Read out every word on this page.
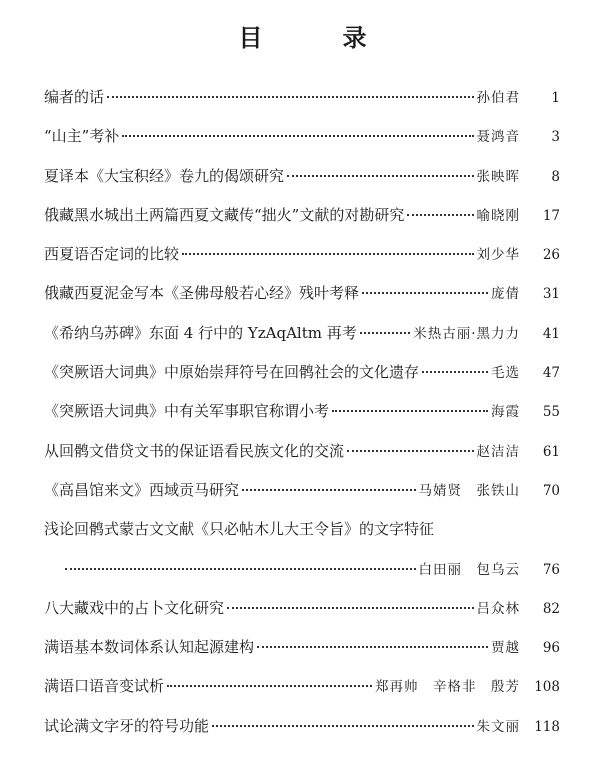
目　录
编者的话	孙伯君	1
“山主”考补	聂鸿音	3
夏译本《大宝积经》卷九的偈颂研究	张映晖	8
俄藏黑水城出土两篇西夏文藏传“拙火”文献的对勘研究	喻晓刚	17
西夏语否定词的比较	刘少华	26
俄藏西夏泥金写本《圣佛母般若心经》残叶考释	庞倩	31
《希纳乌苏碑》东面 4 行中的 YzAqAltm 再考	米热古丽·黑力力	41
《突厥语大词典》中原始崇拜符号在回鹘社会的文化遗存	毛选	47
《突厥语大词典》中有关军事职官称谓小考	海霞	55
从回鹘文借贷文书的保证语看民族文化的交流	赵洁洁	61
《高昌馆来文》西域贡马研究	马婧贤　张铁山	70
浅论回鹘式蒙古文文献《只必帖木儿大王令旨》的文字特征
白田丽　包乌云	76
八大藏戏中的占卜文化研究	吕众林	82
满语基本数词体系认知起源建构	贾越	96
满语口语音变试析	郑再帅　辛格非　殷芳	108
试论满文字牙的符号功能	朱文丽	118
